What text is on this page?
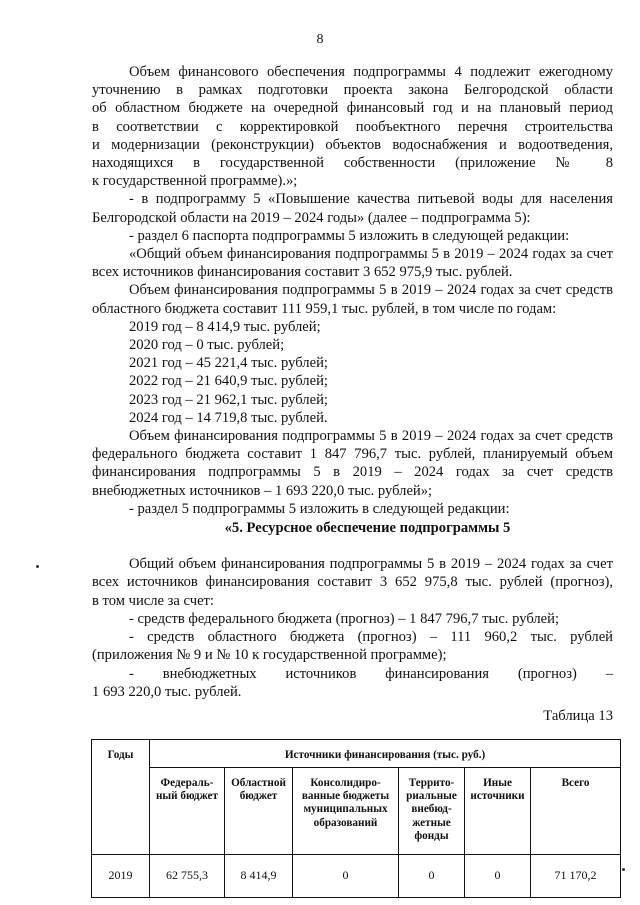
8

Объем финансового обеспечения подпрограммы 4 подлежит ежегодному

уточнению в рамках подготовки проекта закона Белгородской области

об областном бюджете на очередной финансовый год и на плановый период

в соответствии с корректировкой пообъектного перечня строительства

и модернизации (реконструкции) объектов водоснабжения и водоотведения,

находящихся в государственной собственности (приложение № 8

к государственной программе).»;

- в подпрограмму 5 «Повышение качества питьевой воды для населения

Белгородской области на 2019 – 2024 годы» (далее – подпрограмма 5):

- раздел 6 паспорта подпрограммы 5 изложить в следующей редакции:

«Общий объем финансирования подпрограммы 5 в 2019 – 2024 годах за счет

всех источников финансирования составит 3 652 975,9 тыс. рублей.

Объем финансирования подпрограммы 5 в 2019 – 2024 годах за счет средств

областного бюджета составит 111 959,1 тыс. рублей, в том числе по годам:

2019 год – 8 414,9 тыс. рублей;

2020 год – 0 тыс. рублей;

2021 год – 45 221,4 тыс. рублей;

2022 год – 21 640,9 тыс. рублей;

2023 год – 21 962,1 тыс. рублей;

2024 год – 14 719,8 тыс. рублей.

Объем финансирования подпрограммы 5 в 2019 – 2024 годах за счет средств

федерального бюджета составит 1 847 796,7 тыс. рублей, планируемый объем

финансирования подпрограммы 5 в 2019 – 2024 годах за счет средств

внебюджетных источников – 1 693 220,0 тыс. рублей»;

- раздел 5 подпрограммы 5 изложить в следующей редакции:

«5. Ресурсное обеспечение подпрограммы 5

Общий объем финансирования подпрограммы 5 в 2019 – 2024 годах за счет

всех источников финансирования составит 3 652 975,8 тыс. рублей (прогноз),

в том числе за счет:

- средств федерального бюджета (прогноз) – 1 847 796,7 тыс. рублей;

- средств областного бюджета (прогноз) – 111 960,2 тыс. рублей

(приложения № 9 и № 10 к государственной программе);

- внебюджетных источников финансирования (прогноз) –

1 693 220,0 тыс. рублей.

Таблица 13

Годы	Источники финансирования (тыс. руб.)					
	Федераль-ный бюджет	Областной бюджет	Консолидиро-ванные бюджеты муниципальных образований	Террито-риальные внебюд-жетные фонды	Иные источники	Всего
2019	62 755,3	8 414,9	0	0	0	71 170,2
